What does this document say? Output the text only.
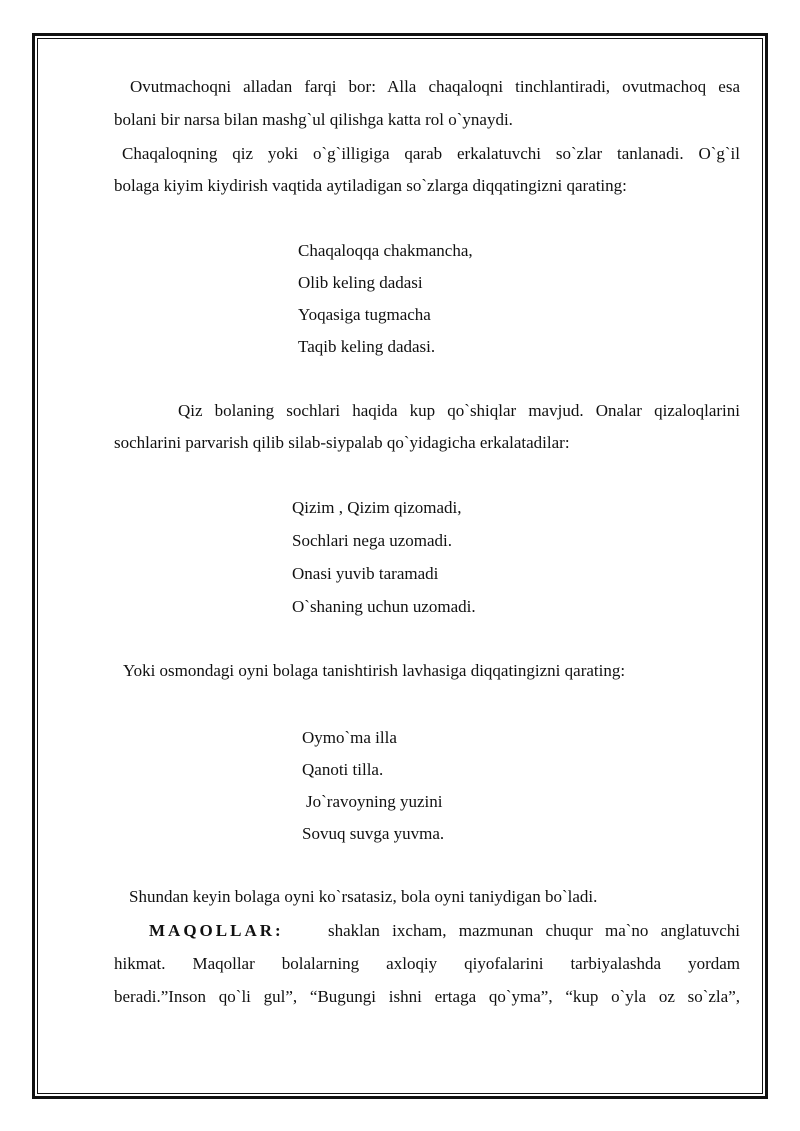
Ovutmachoqni alladan farqi bor: Alla chaqaloqni tinchlantiradi, ovutmachoq esa
bolani bir narsa bilan mashg`ul qilishga katta rol o`ynaydi.
Chaqaloqning qiz yoki o`g`illigiga qarab erkalatuvchi so`zlar tanlanadi. O`g`il
bolaga kiyim kiydirish vaqtida aytiladigan so`zlarga diqqatingizni qarating:
Chaqaloqqa chakmancha,
Olib keling dadasi
Yoqasiga tugmacha
Taqib keling dadasi.
Qiz bolaning sochlari haqida kup qo`shiqlar mavjud. Onalar qizaloqlarini
sochlarini parvarish qilib silab-siypalab qo`yidagicha erkalatadilar:
Qizim , Qizim qizomadi,
Sochlari nega uzomadi.
Onasi yuvib taramadi
O`shaning uchun uzomadi.
Yoki osmondagi oyni bolaga tanishtirish lavhasiga diqqatingizni qarating:
Oymo`ma illa
Qanoti tilla.
Jo`ravoyning yuzini
Sovuq suvga yuvma.
Shundan keyin bolaga oyni ko`rsatasiz, bola oyni taniydigan bo`ladi.
MAQOLLAR:	shaklan ixcham, mazmunan chuqur ma`no anglatuvchi
hikmat. Maqollar bolalarning axloqiy qiyofalarini tarbiyalashda yordam
beradi.”Inson qo`li gul”, “Bugungi ishni ertaga qo`yma”, “kup o`yla oz so`zla”,
